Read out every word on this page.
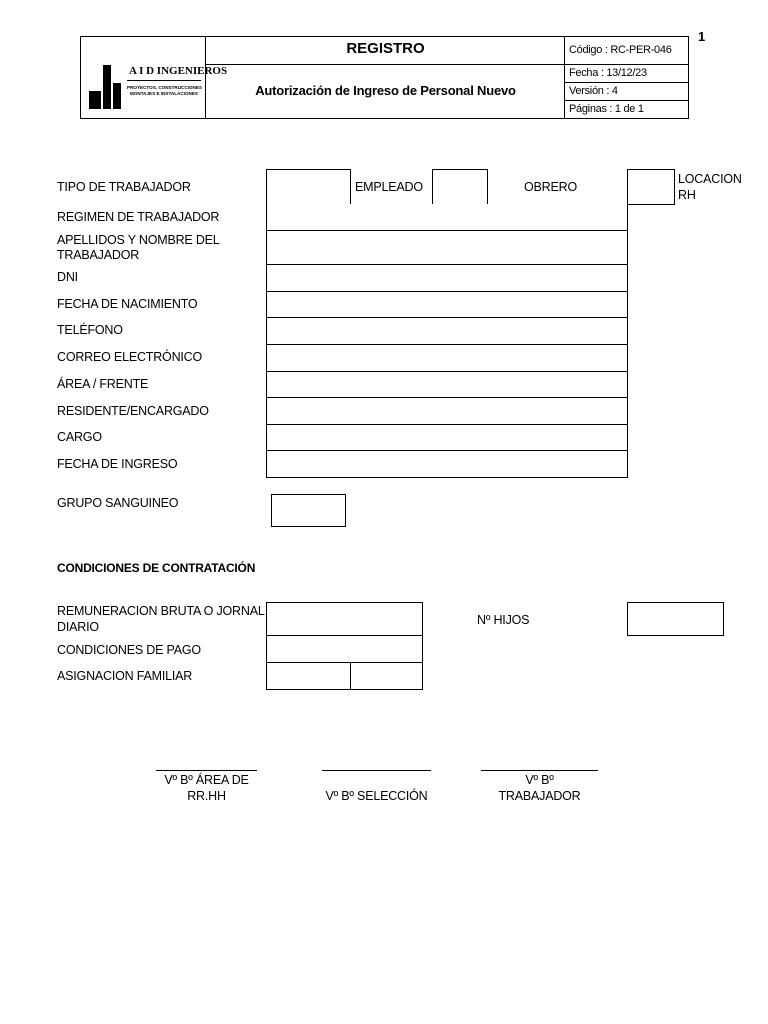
1
A I D INGENIEROS
PROYECTOS, CONSTRUCCIONES
MONTAJES E INSTALACIONES
REGISTRO
Autorización de Ingreso de Personal Nuevo
Código : RC-PER-046
Fecha : 13/12/23
Versión : 4
Páginas : 1 de 1
TIPO DE TRABAJADOR	EMPLEADO	OBRERO
LOCACION
RH
REGIMEN DE TRABAJADOR
APELLIDOS Y NOMBRE DEL
TRABAJADOR
DNI
FECHA DE NACIMIENTO
TELÉFONO
CORREO ELECTRÓNICO
ÁREA / FRENTE
RESIDENTE/ENCARGADO
CARGO
FECHA DE INGRESO
GRUPO SANGUINEO
CONDICIONES DE CONTRATACIÓN
REMUNERACION BRUTA O JORNAL
DIARIO	Nº HIJOS
CONDICIONES DE PAGO
ASIGNACION FAMILIAR
Vº Bº ÁREA DE
RR.HH	Vº Bº SELECCIÓN
Vº Bº
TRABAJADOR
